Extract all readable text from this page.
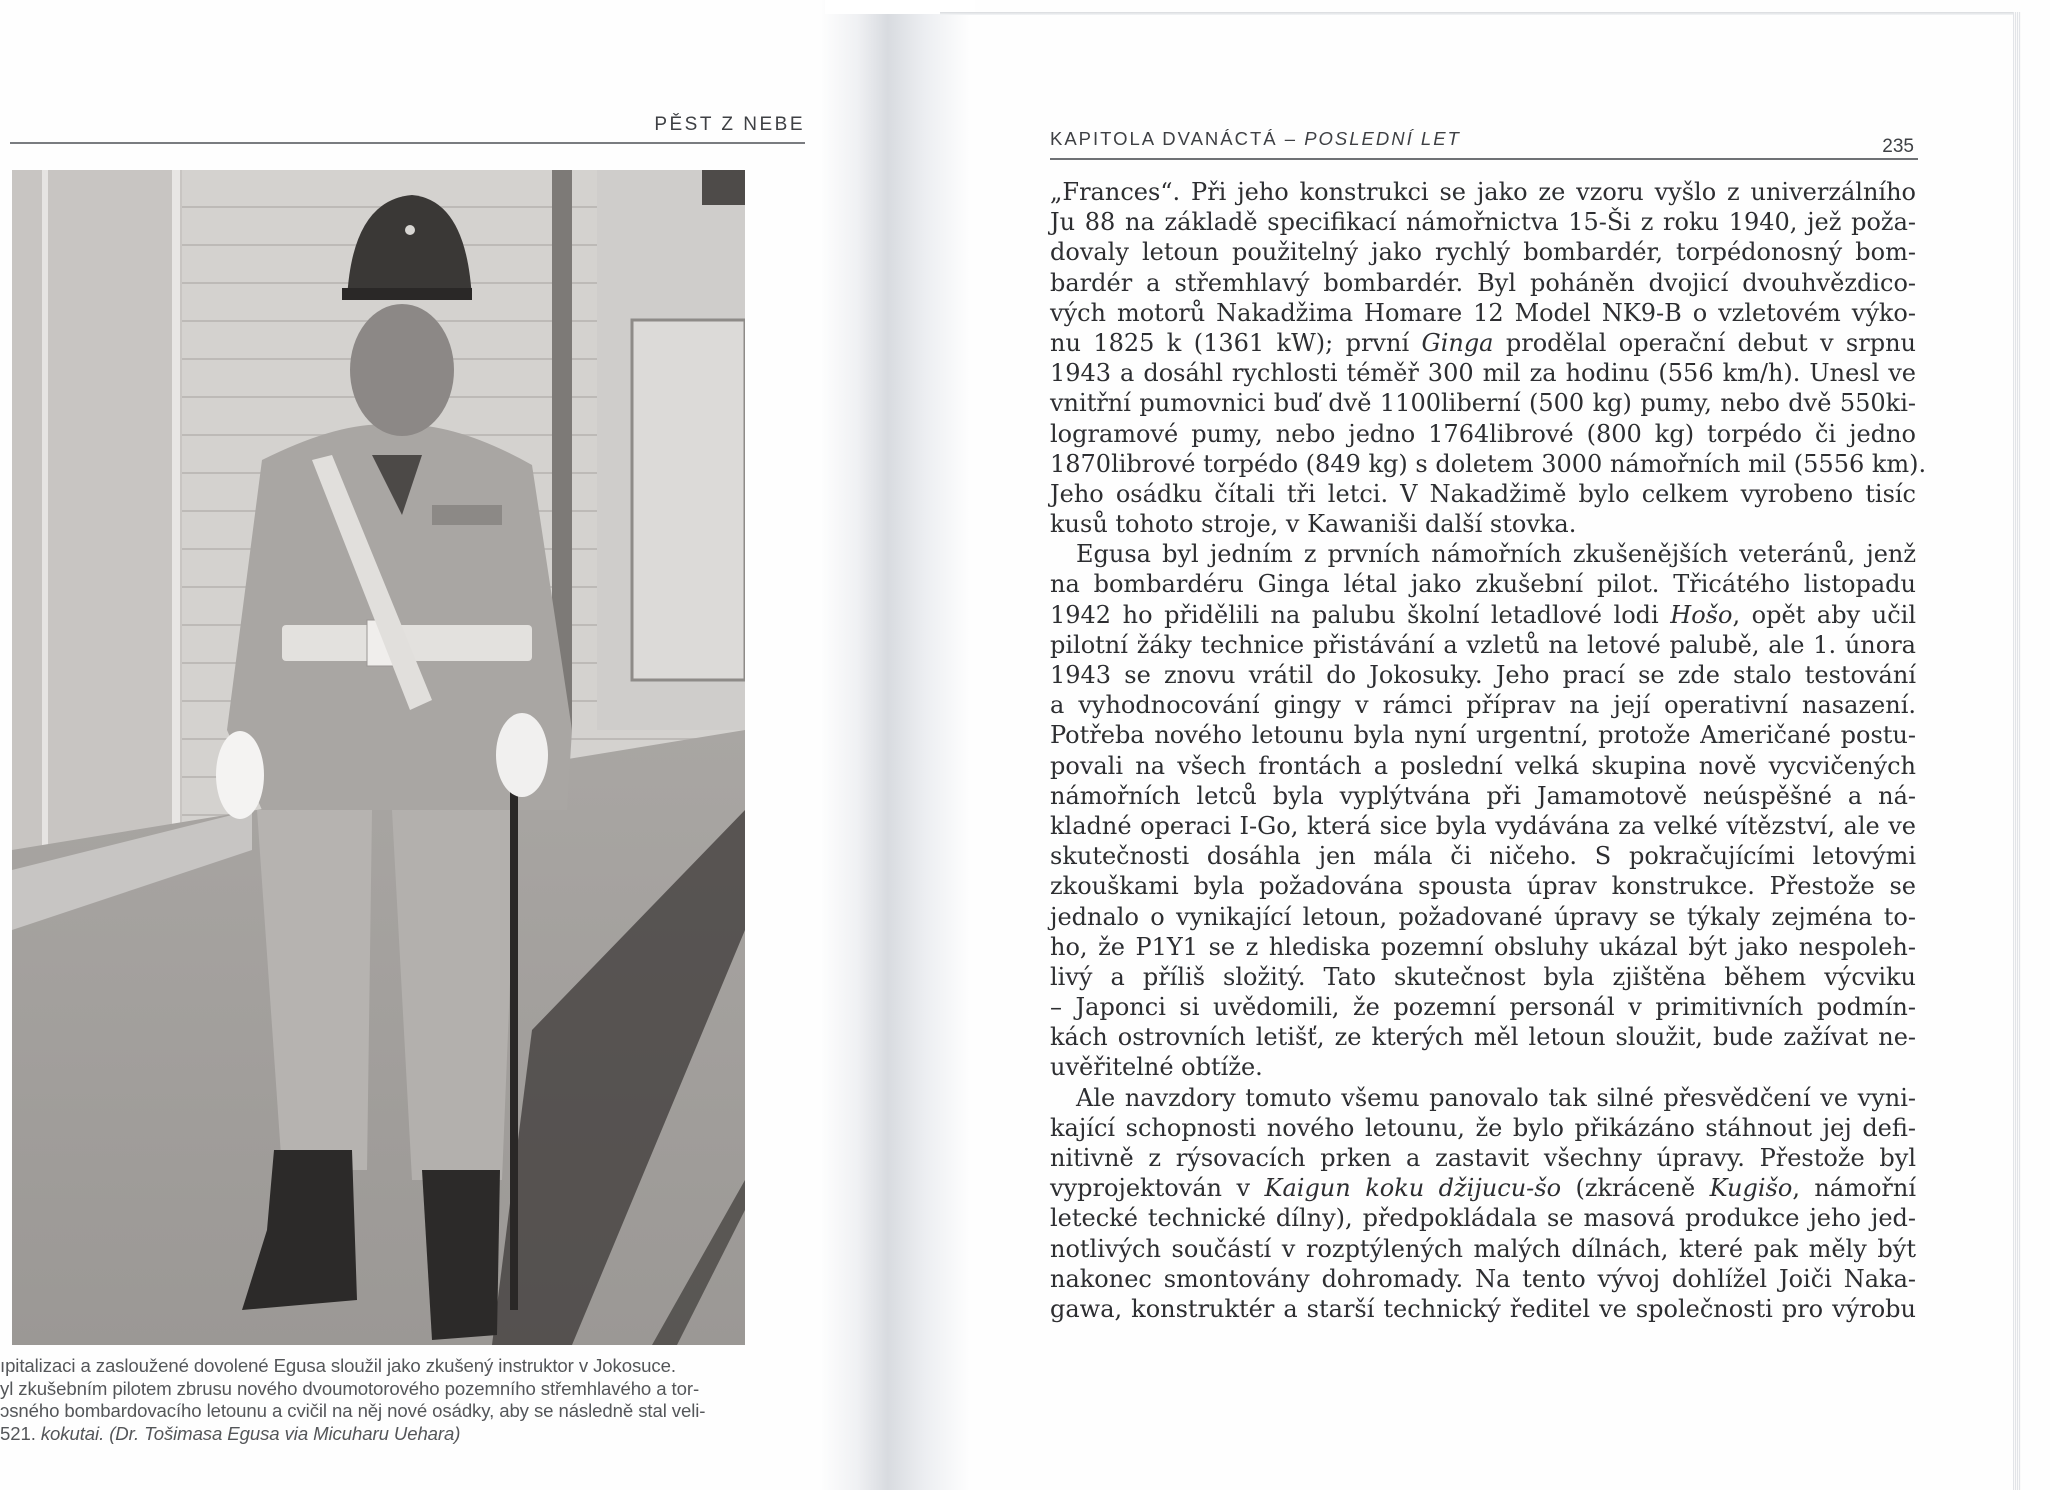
PĚST Z NEBE
ıpitalizaci a zasloužené dovolené Egusa sloužil jako zkušený instruktor v Jokosuce.
yl zkušebním pilotem zbrusu nového dvoumotorového pozemního střemhlavého a tor-
ɔsného bombardovacího letounu a cvičil na něj nové osádky, aby se následně stal veli-
521. kokutai. (Dr. Tošimasa Egusa via Micuharu Uehara)
KAPITOLA DVANÁCTÁ – POSLEDNÍ LET	235
„Frances“. Při jeho konstrukci se jako ze vzoru vyšlo z univerzálního
Ju 88 na základě specifikací námořnictva 15-Ši z roku 1940, jež poža-
dovaly letoun použitelný jako rychlý bombardér, torpédonosný bom-
bardér a střemhlavý bombardér. Byl poháněn dvojicí dvouhvězdico-
vých motorů Nakadžima Homare 12 Model NK9-B o vzletovém výko-
nu 1825 k (1361 kW); první Ginga prodělal operační debut v srpnu
1943 a dosáhl rychlosti téměř 300 mil za hodinu (556 km/h). Unesl ve
vnitřní pumovnici buď dvě 1100liberní (500 kg) pumy, nebo dvě 550ki-
logramové pumy, nebo jedno 1764librové (800 kg) torpédo či jedno
1870librové torpédo (849 kg) s doletem 3000 námořních mil (5556 km).
Jeho osádku čítali tři letci. V Nakadžimě bylo celkem vyrobeno tisíc
kusů tohoto stroje, v Kawaniši další stovka.
Egusa byl jedním z prvních námořních zkušenějších veteránů, jenž
na bombardéru Ginga létal jako zkušební pilot. Třicátého listopadu
1942 ho přidělili na palubu školní letadlové lodi Hošo, opět aby učil
pilotní žáky technice přistávání a vzletů na letové palubě, ale 1. února
1943 se znovu vrátil do Jokosuky. Jeho prací se zde stalo testování
a vyhodnocování gingy v rámci příprav na její operativní nasazení.
Potřeba nového letounu byla nyní urgentní, protože Američané postu-
povali na všech frontách a poslední velká skupina nově vycvičených
námořních letců byla vyplýtvána při Jamamotově neúspěšné a ná-
kladné operaci I-Go, která sice byla vydávána za velké vítězství, ale ve
skutečnosti dosáhla jen mála či ničeho. S pokračujícími letovými
zkouškami byla požadována spousta úprav konstrukce. Přestože se
jednalo o vynikající letoun, požadované úpravy se týkaly zejména to-
ho, že P1Y1 se z hlediska pozemní obsluhy ukázal být jako nespoleh-
livý a příliš složitý. Tato skutečnost byla zjištěna během výcviku
– Japonci si uvědomili, že pozemní personál v primitivních podmín-
kách ostrovních letišť, ze kterých měl letoun sloužit, bude zažívat ne-
uvěřitelné obtíže.
Ale navzdory tomuto všemu panovalo tak silné přesvědčení ve vyni-
kající schopnosti nového letounu, že bylo přikázáno stáhnout jej defi-
nitivně z rýsovacích prken a zastavit všechny úpravy. Přestože byl
vyprojektován v Kaigun koku džijucu-šo (zkráceně Kugišo, námořní
letecké technické dílny), předpokládala se masová produkce jeho jed-
notlivých součástí v rozptýlených malých dílnách, které pak měly být
nakonec smontovány dohromady. Na tento vývoj dohlížel Joiči Naka-
gawa, konstruktér a starší technický ředitel ve společnosti pro výrobu
